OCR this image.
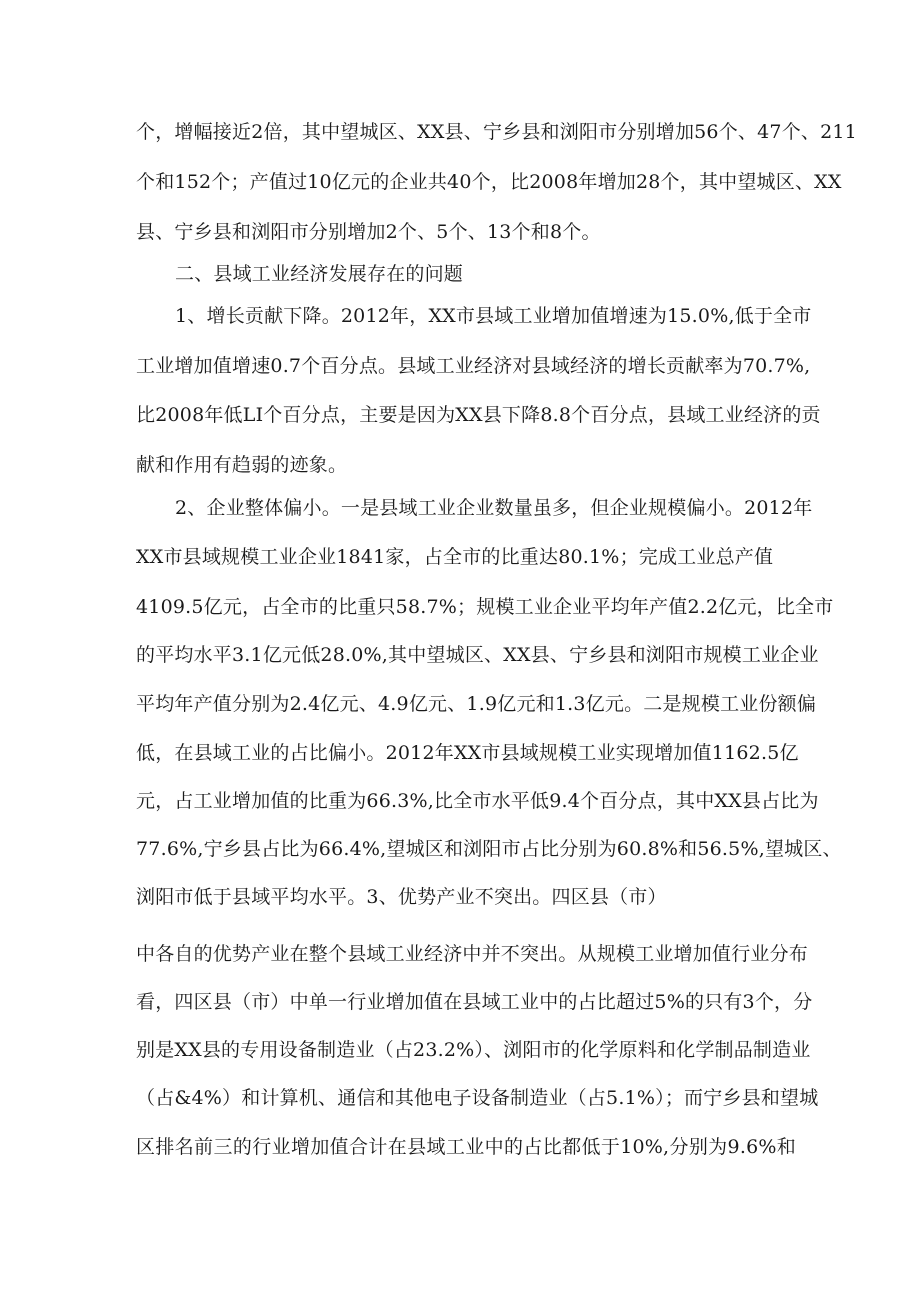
个，增幅接近2倍，其中望城区、XX县、宁乡县和浏阳市分别增加56个、47个、211
个和152个；产值过10亿元的企业共40个，比2008年增加28个，其中望城区、XX
县、宁乡县和浏阳市分别增加2个、5个、13个和8个。
二、县域工业经济发展存在的问题
1、增长贡献下降。2012年，XX市县域工业增加值增速为15.0%,低于全市
工业增加值增速0.7个百分点。县域工业经济对县域经济的增长贡献率为70.7%,
比2008年低LI个百分点，主要是因为XX县下降8.8个百分点，县域工业经济的贡
献和作用有趋弱的迹象。
2、企业整体偏小。一是县域工业企业数量虽多，但企业规模偏小。2012年
XX市县域规模工业企业1841家，占全市的比重达80.1%；完成工业总产值
4109.5亿元，占全市的比重只58.7%；规模工业企业平均年产值2.2亿元，比全市
的平均水平3.1亿元低28.0%,其中望城区、XX县、宁乡县和浏阳市规模工业企业
平均年产值分别为2.4亿元、4.9亿元、1.9亿元和1.3亿元。二是规模工业份额偏
低，在县域工业的占比偏小。2012年XX市县域规模工业实现增加值1162.5亿
元，占工业增加值的比重为66.3%,比全市水平低9.4个百分点，其中XX县占比为
77.6%,宁乡县占比为66.4%,望城区和浏阳市占比分别为60.8%和56.5%,望城区、
浏阳市低于县域平均水平。3、优势产业不突出。四区县（市）
中各自的优势产业在整个县域工业经济中并不突出。从规模工业增加值行业分布
看，四区县（市）中单一行业增加值在县域工业中的占比超过5%的只有3个，分
别是XX县的专用设备制造业（占23.2%）、浏阳市的化学原料和化学制品制造业
（占&4%）和计算机、通信和其他电子设备制造业（占5.1%）；而宁乡县和望城
区排名前三的行业增加值合计在县域工业中的占比都低于10%,分别为9.6%和
